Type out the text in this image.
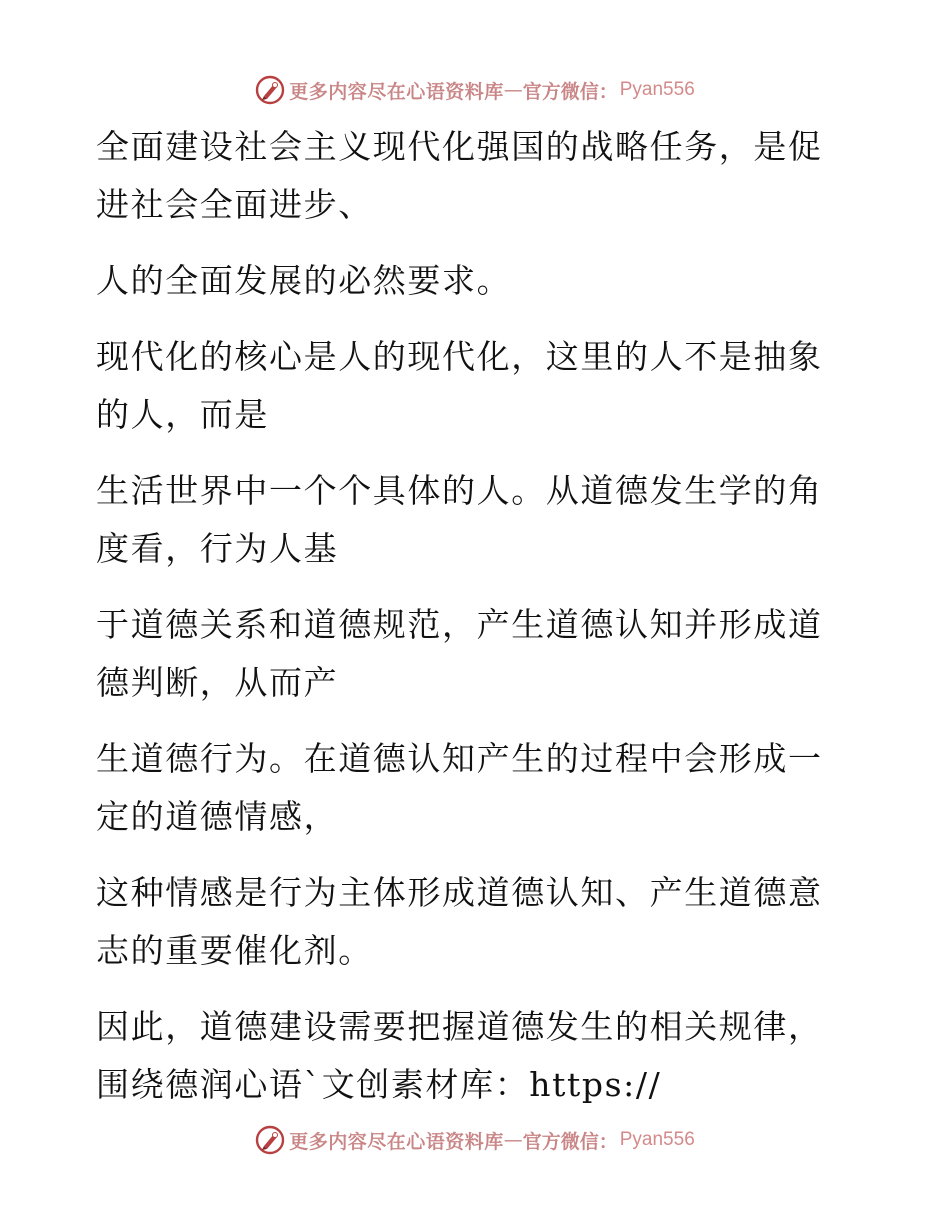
更多内容尽在心语资料库 — 官方微信： Pyan556
全面建设社会主义现代化强国的战略任务，是促
进社会全面进步、
人的全面发展的必然要求。
现代化的核心是人的现代化，这里的人不是抽象
的人，而是
生活世界中一个个具体的人。从道德发生学的角
度看，行为人基
于道德关系和道德规范，产生道德认知并形成道
德判断，从而产
生道德行为。在道德认知产生的过程中会形成一
定的道德情感，
这种情感是行为主体形成道德认知、产生道德意
志的重要催化剂。
因此，道德建设需要把握道德发生的相关规律，
围绕德润心语`文创素材库：https://
更多内容尽在心语资料库 — 官方微信： Pyan556
